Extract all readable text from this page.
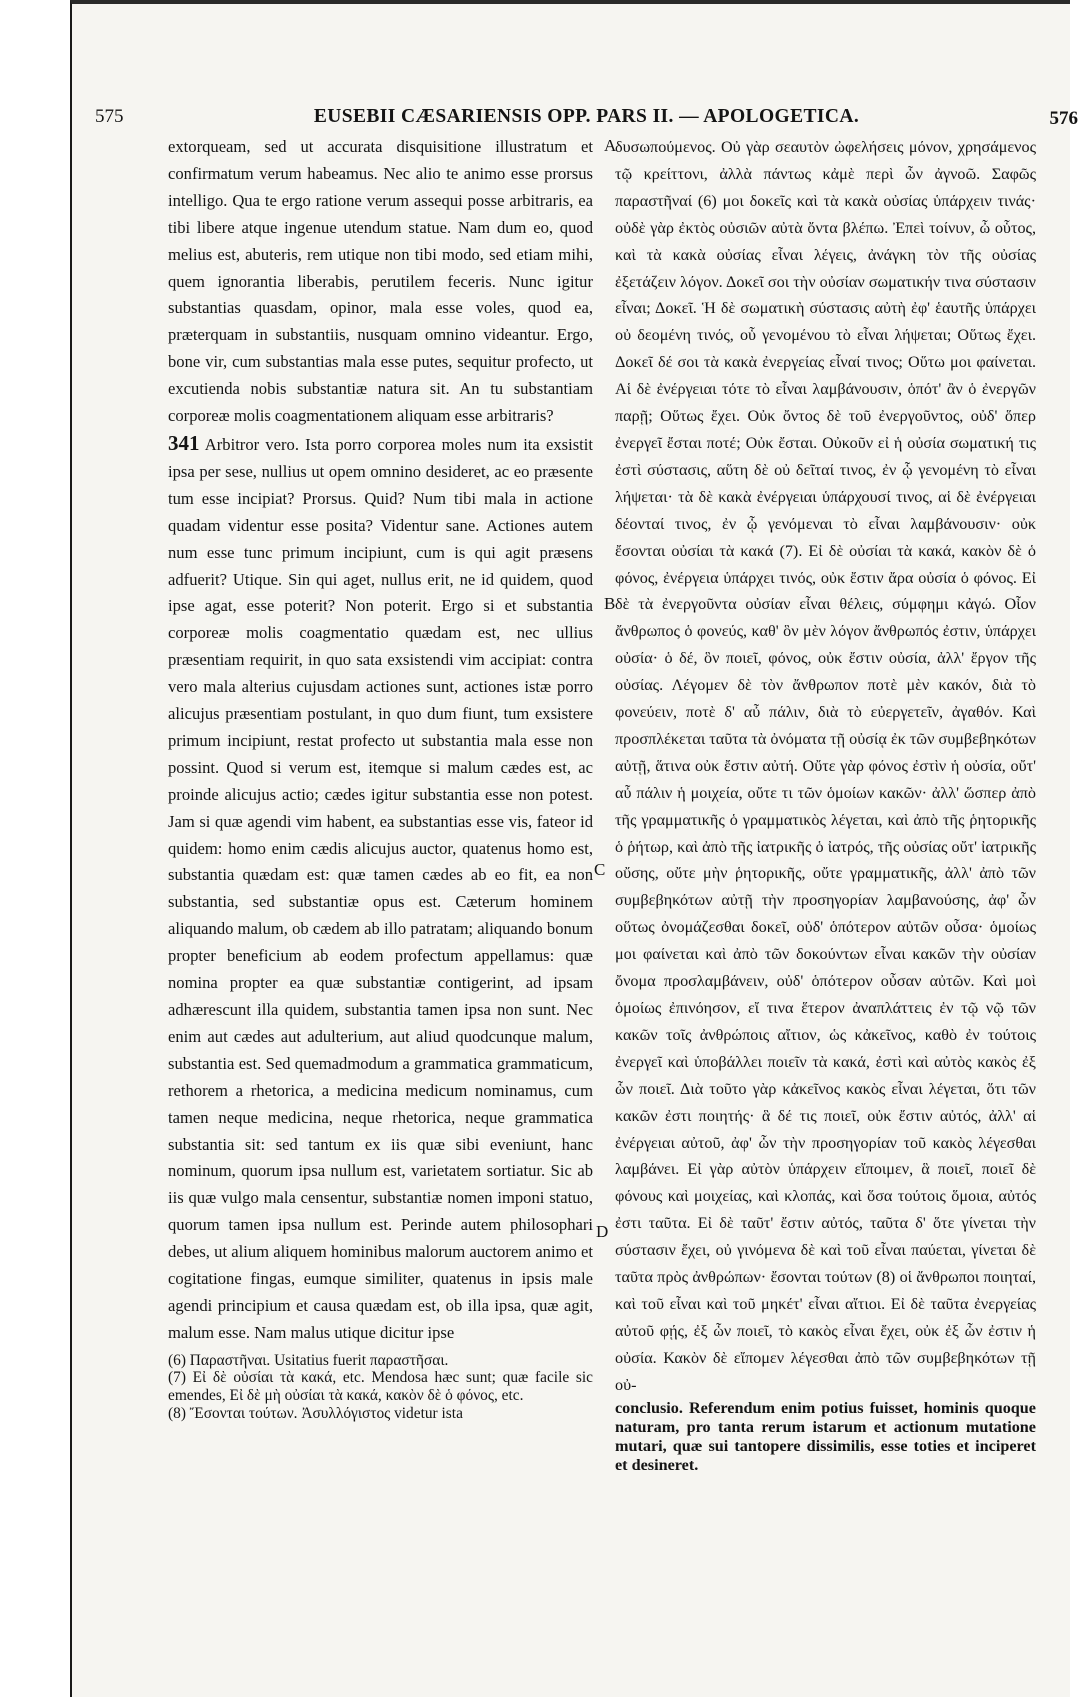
575	EUSEBII CÆSARIENSIS OPP. PARS II. — APOLOGETICA.	576

extorqueam, sed ut accurata disquisitione illustratum et confirmatum verum habeamus. Nec alio te animo esse prorsus intelligo. Qua te ergo ratione verum assequi posse arbitraris, ea tibi libere atque ingenue utendum statue. Nam dum eo, quod melius est, abuteris, rem utique non tibi modo, sed etiam mihi, quem ignorantia liberabis, perutilem feceris. Nunc igitur substantias quasdam, opinor, mala esse voles, quod ea, præterquam in substantiis, nusquam omnino videantur. Ergo, bone vir, cum substantias mala esse putes, sequitur profecto, ut excutienda nobis substantiæ natura sit. An tu substantiam corporeæ molis coagmentationem aliquam esse arbitraris?

341 Arbitror vero. Ista porro corporea moles num ita exsistit ipsa per sese, nullius ut opem omnino desideret, ac eo præsente tum esse incipiat? Prorsus. Quid? Num tibi mala in actione quadam videntur esse posita? Videntur sane. Actiones autem num esse tunc primum incipiunt, cum is qui agit præsens adfuerit? Utique. Sin qui aget, nullus erit, ne id quidem, quod ipse agat, esse poterit? Non poterit. Ergo si et substantia corporeæ molis coagmentatio quædam est, nec ullius præsentiam requirit, in quo sata exsistendi vim accipiat: contra vero mala alterius cujusdam actiones sunt, actiones istæ porro alicujus præsentiam postulant, in quo dum fiunt, tum exsistere primum incipiunt, restat profecto ut substantia mala esse non possint. Quod si verum est, itemque si malum cædes est, ac proinde alicujus actio; cædes igitur substantia esse non potest. Jam si quæ agendi vim habent, ea substantias esse vis, fateor id quidem: homo enim cædis alicujus auctor, quatenus homo est, substantia quædam est: quæ tamen cædes ab eo fit, ea non substantia, sed substantiæ opus est. Cæterum hominem aliquando malum, ob cædem ab illo patratam; aliquando bonum propter beneficium ab eodem profectum appellamus: quæ nomina propter ea quæ substantiæ contigerint, ad ipsam adhærescunt illa quidem, substantia tamen ipsa non sunt. Nec enim aut cædes aut adulterium, aut aliud quodcunque malum, substantia est. Sed quemadmodum a grammatica grammaticum, rethorem a rhetorica, a medicina medicum nominamus, cum tamen neque medicina, neque rhetorica, neque grammatica substantia sit: sed tantum ex iis quæ sibi eveniunt, hanc nominum, quorum ipsa nullum est, varietatem sortiatur. Sic ab iis quæ vulgo mala censentur, substantiæ nomen imponi statuo, quorum tamen ipsa nullum est. Perinde autem philosophari debes, ut alium aliquem hominibus malorum auctorem animo et cogitatione fingas, eumque similiter, quatenus in ipsis male agendi principium et causa quædam est, ob illa ipsa, quæ agit, malum esse. Nam malus utique dicitur ipse

(6) Παραστῆναι. Usitatius fuerit παραστῆσαι.

(7) Εἰ δὲ οὐσίαι τὰ κακά, etc. Mendosa hæc sunt; quæ facile sic emendes, Εἰ δὲ μὴ οὐσίαι τὰ κακά, κακὸν δὲ ὁ φόνος, etc.

(8) Ἔσονται τούτων. Ἀσυλλόγιστος videtur ista

A
B
C
D

δυσωπούμενος. Οὐ γὰρ σεαυτὸν ὠφελήσεις μόνον, χρησάμενος τῷ κρείττονι, ἀλλὰ πάντως κἀμὲ περὶ ὧν ἀγνοῶ. Σαφῶς παραστῆναί (6) μοι δοκεῖς καὶ τὰ κακὰ οὐσίας ὑπάρχειν τινάς· οὐδὲ γὰρ ἐκτὸς οὐσιῶν αὐτὰ ὄντα βλέπω. Ἐπεὶ τοίνυν, ὦ οὗτος, καὶ τὰ κακὰ οὐσίας εἶναι λέγεις, ἀνάγκη τὸν τῆς οὐσίας ἐξετάζειν λόγον. Δοκεῖ σοι τὴν οὐσίαν σωματικήν τινα σύστασιν εἶναι; Δοκεῖ. Ἡ δὲ σωματικὴ σύστασις αὐτὴ ἐφ' ἑαυτῆς ὑπάρχει οὐ δεομένη τινός, οὗ γενομένου τὸ εἶναι λήψεται; Οὕτως ἔχει. Δοκεῖ δέ σοι τὰ κακὰ ἐνεργείας εἶναί τινος; Οὕτω μοι φαίνεται. Αἱ δὲ ἐνέργειαι τότε τὸ εἶναι λαμβάνουσιν, ὁπότ' ἂν ὁ ἐνεργῶν παρῇ; Οὕτως ἔχει. Οὐκ ὄντος δὲ τοῦ ἐνεργοῦντος, οὐδ' ὅπερ ἐνεργεῖ ἔσται ποτέ; Οὐκ ἔσται. Οὐκοῦν εἰ ἡ οὐσία σωματική τις ἐστὶ σύστασις, αὕτη δὲ οὐ δεῖταί τινος, ἐν ᾧ γενομένη τὸ εἶναι λήψεται· τὰ δὲ κακὰ ἐνέργειαι ὑπάρχουσί τινος, αἱ δὲ ἐνέργειαι δέονταί τινος, ἐν ᾧ γενόμεναι τὸ εἶναι λαμβάνουσιν· οὐκ ἔσονται οὐσίαι τὰ κακά (7). Εἰ δὲ οὐσίαι τὰ κακά, κακὸν δὲ ὁ φόνος, ἐνέργεια ὑπάρχει τινός, οὐκ ἔστιν ἄρα οὐσία ὁ φόνος. Εἰ δὲ τὰ ἐνεργοῦντα οὐσίαν εἶναι θέλεις, σύμφημι κἀγώ. Οἷον ἄνθρωπος ὁ φονεύς, καθ' ὃν μὲν λόγον ἄνθρωπός ἐστιν, ὑπάρχει οὐσία· ὁ δέ, ὃν ποιεῖ, φόνος, οὐκ ἔστιν οὐσία, ἀλλ' ἔργον τῆς οὐσίας. Λέγομεν δὲ τὸν ἄνθρωπον ποτὲ μὲν κακόν, διὰ τὸ φονεύειν, ποτὲ δ' αὖ πάλιν, διὰ τὸ εὐεργετεῖν, ἀγαθόν. Καὶ προσπλέκεται ταῦτα τὰ ὀνόματα τῇ οὐσίᾳ ἐκ τῶν συμβεβηκότων αὐτῇ, ἅτινα οὐκ ἔστιν αὐτή. Οὔτε γὰρ φόνος ἐστὶν ἡ οὐσία, οὔτ' αὖ πάλιν ἡ μοιχεία, οὔτε τι τῶν ὁμοίων κακῶν· ἀλλ' ὥσπερ ἀπὸ τῆς γραμματικῆς ὁ γραμματικὸς λέγεται, καὶ ἀπὸ τῆς ῥητορικῆς ὁ ῥήτωρ, καὶ ἀπὸ τῆς ἰατρικῆς ὁ ἰατρός, τῆς οὐσίας οὔτ' ἰατρικῆς οὔσης, οὔτε μὴν ῥητορικῆς, οὔτε γραμματικῆς, ἀλλ' ἀπὸ τῶν συμβεβηκότων αὐτῇ τὴν προσηγορίαν λαμβανούσης, ἀφ' ὧν οὕτως ὀνομάζεσθαι δοκεῖ, οὐδ' ὁπότερον αὐτῶν οὖσα· ὁμοίως μοι φαίνεται καὶ ἀπὸ τῶν δοκούντων εἶναι κακῶν τὴν οὐσίαν ὄνομα προσλαμβάνειν, οὐδ' ὁπότερον οὖσαν αὐτῶν. Καὶ μοὶ ὁμοίως ἐπινόησον, εἴ τινα ἕτερον ἀναπλάττεις ἐν τῷ νῷ τῶν κακῶν τοῖς ἀνθρώποις αἴτιον, ὡς κἀκεῖνος, καθὸ ἐν τούτοις ἐνεργεῖ καὶ ὑποβάλλει ποιεῖν τὰ κακά, ἐστὶ καὶ αὐτὸς κακὸς ἐξ ὧν ποιεῖ. Διὰ τοῦτο γὰρ κἀκεῖνος κακὸς εἶναι λέγεται, ὅτι τῶν κακῶν ἐστι ποιητής· ἃ δέ τις ποιεῖ, οὐκ ἔστιν αὐτός, ἀλλ' αἱ ἐνέργειαι αὐτοῦ, ἀφ' ὧν τὴν προσηγορίαν τοῦ κακὸς λέγεσθαι λαμβάνει. Εἰ γὰρ αὐτὸν ὑπάρχειν εἴποιμεν, ἃ ποιεῖ, ποιεῖ δὲ φόνους καὶ μοιχείας, καὶ κλοπάς, καὶ ὅσα τούτοις ὅμοια, αὐτός ἐστι ταῦτα. Εἰ δὲ ταῦτ' ἔστιν αὐτός, ταῦτα δ' ὅτε γίνεται τὴν σύστασιν ἔχει, οὐ γινόμενα δὲ καὶ τοῦ εἶναι παύεται, γίνεται δὲ ταῦτα πρὸς ἀνθρώπων· ἔσονται τούτων (8) οἱ ἄνθρωποι ποιηταί, καὶ τοῦ εἶναι καὶ τοῦ μηκέτ' εἶναι αἴτιοι. Εἰ δὲ ταῦτα ἐνεργείας αὐτοῦ φῄς, ἐξ ὧν ποιεῖ, τὸ κακὸς εἶναι ἔχει, οὐκ ἐξ ὧν ἐστιν ἡ οὐσία. Κακὸν δὲ εἴπομεν λέγεσθαι ἀπὸ τῶν συμβεβηκότων τῇ οὐ-

conclusio. Referendum enim potius fuisset, hominis quoque naturam, pro tanta rerum istarum et actionum mutatione mutari, quæ sui tantopere dissimilis, esse toties et inciperet et desineret.
